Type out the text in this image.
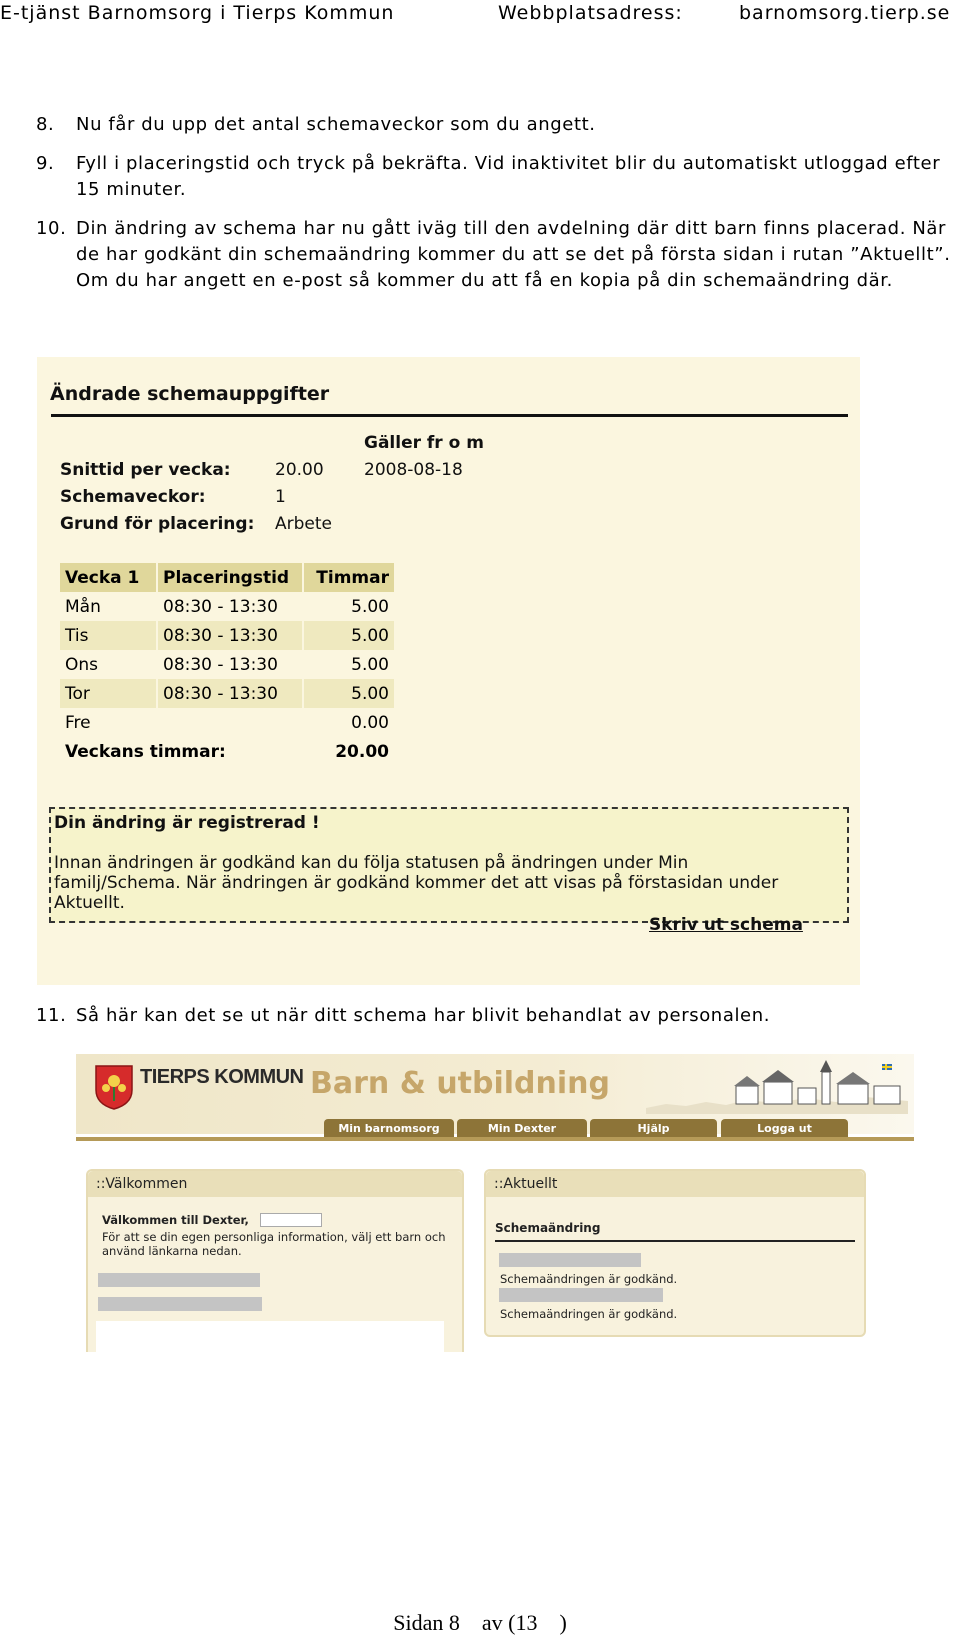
E-tjänst Barnomsorg i Tierps Kommun	Webbplatsadress:	barnomsorg.tierp.se
8. Nu får du upp det antal schemaveckor som du angett.
9. Fyll i placeringstid och tryck på bekräfta. Vid inaktivitet blir du automatiskt utloggad efter 15 minuter.
10. Din ändring av schema har nu gått iväg till den avdelning där ditt barn finns placerad. När de har godkänt din schemaändring kommer du att se det på första sidan i rutan ”Aktuellt”. Om du har angett en e-post så kommer du att få en kopia på din schemaändring där.
Ändrade schemauppgifter
Gäller fr o m
Snittid per vecka:	20.00 2008-08-18
Schemaveckor:	1
Grund för placering: Arbete
Vecka 1	Placeringstid	Timmar
Mån	08:30 - 13:30	5.00
Tis	08:30 - 13:30	5.00
Ons	08:30 - 13:30	5.00
Tor	08:30 - 13:30	5.00
Fre		0.00
Veckans timmar:		20.00
Din ändring är registrerad !
Innan ändringen är godkänd kan du följa statusen på ändringen under Min familj/Schema. När ändringen är godkänd kommer det att visas på förstasidan under Aktuellt.
Skriv ut schema
11. Så här kan det se ut när ditt schema har blivit behandlat av personalen.
TIERPS KOMMUN Barn & utbildning
Min barnomsorg	Min Dexter	Hjälp	Logga ut
::Välkommen
Välkommen till Dexter,
För att se din egen personliga information, välj ett barn och använd länkarna nedan.
::Aktuellt
Schemaändring
Schemaändringen är godkänd.
Schemaändringen är godkänd.
Sidan 8    av (13    )
